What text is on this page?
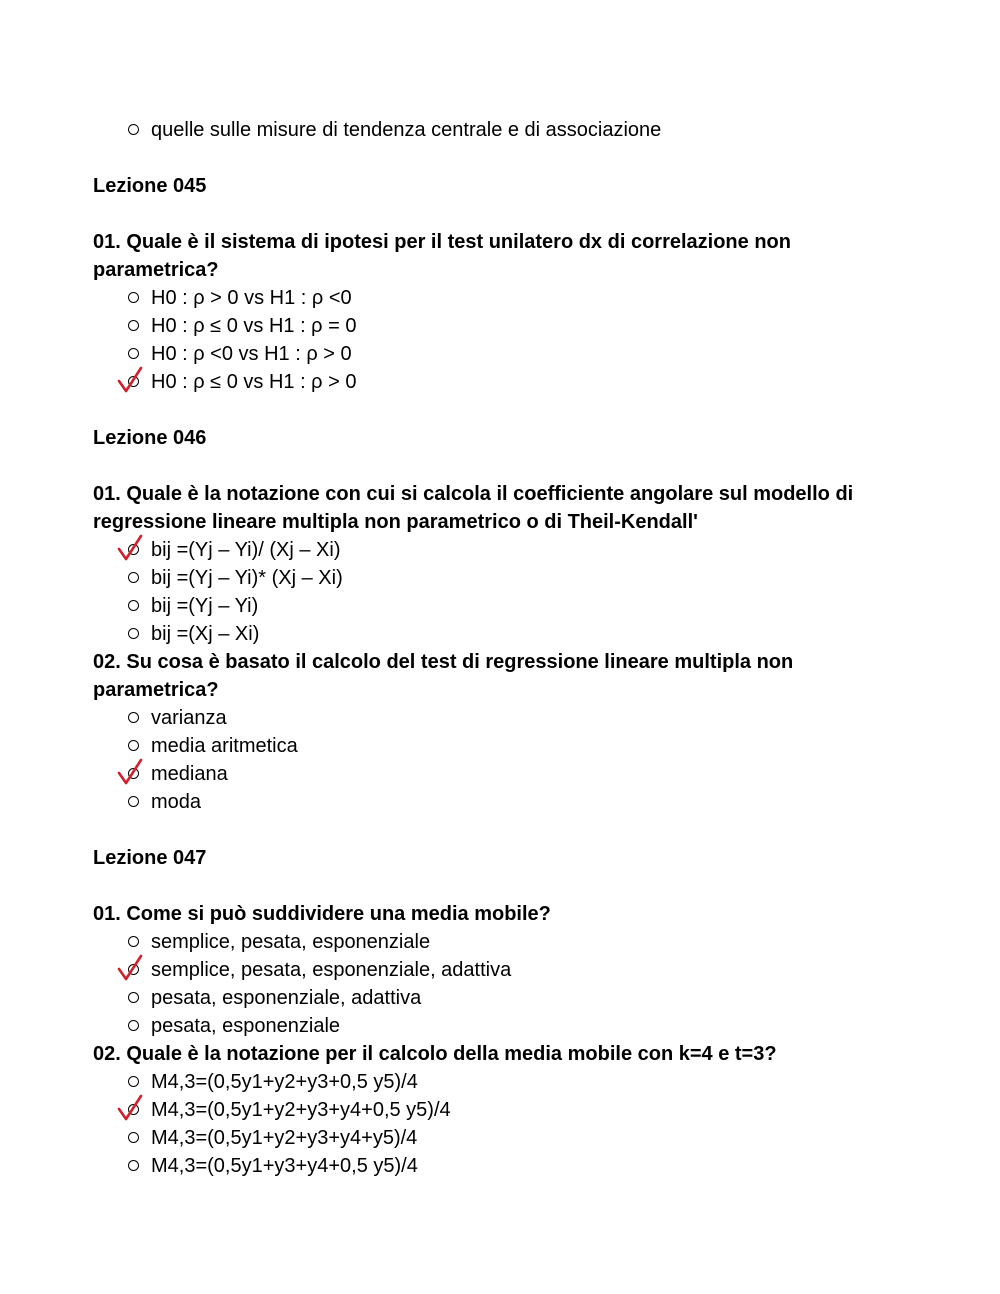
quelle sulle misure di tendenza centrale e di associazione
Lezione 045
01. Quale è il sistema di ipotesi per il test unilatero dx di correlazione non parametrica?
H0 : ρ > 0 vs H1 : ρ <0
H0 : ρ ≤ 0 vs H1 : ρ = 0
H0 : ρ <0 vs H1 : ρ > 0
H0 : ρ ≤ 0 vs H1 : ρ > 0
Lezione 046
01. Quale è la notazione con cui si calcola il coefficiente angolare sul modello di regressione lineare multipla non parametrico o di Theil-Kendall'
bij =(Yj – Yi)/ (Xj – Xi)
bij =(Yj – Yi)* (Xj – Xi)
bij =(Yj – Yi)
bij =(Xj – Xi)
02. Su cosa è basato il calcolo del test di regressione lineare multipla non parametrica?
varianza
media aritmetica
mediana
moda
Lezione 047
01. Come si può suddividere una media mobile?
semplice, pesata, esponenziale
semplice, pesata, esponenziale, adattiva
pesata, esponenziale, adattiva
pesata, esponenziale
02. Quale è la notazione per il calcolo della media mobile con k=4 e t=3?
M4,3=(0,5y1+y2+y3+0,5 y5)/4
M4,3=(0,5y1+y2+y3+y4+0,5 y5)/4
M4,3=(0,5y1+y2+y3+y4+y5)/4
M4,3=(0,5y1+y3+y4+0,5 y5)/4
